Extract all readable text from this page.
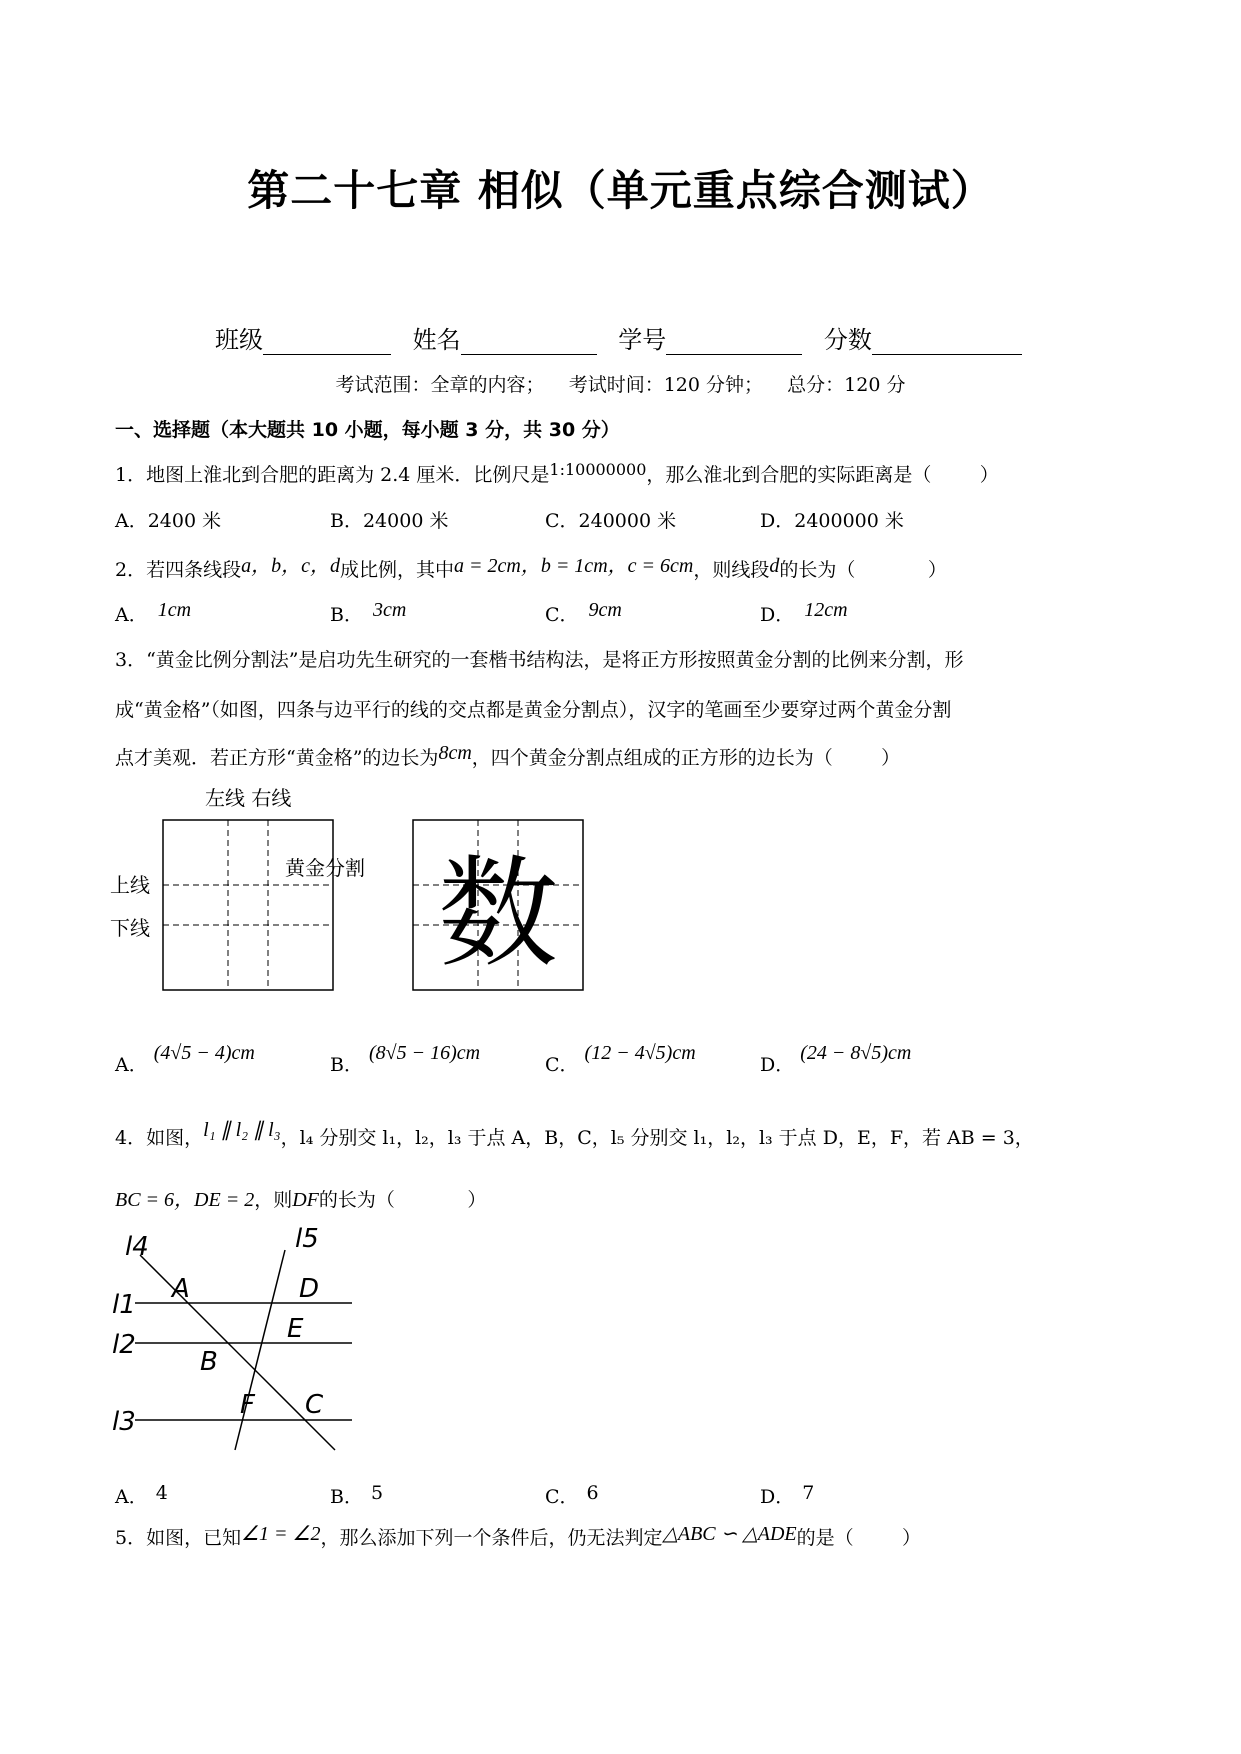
第二十七章 相似（单元重点综合测试）
班级	姓名	学号	分数
考试范围：全章的内容；    考试时间：120 分钟；    总分：120 分
一、选择题（本大题共 10 小题，每小题 3 分，共 30 分）
1．地图上淮北到合肥的距离为 2.4 厘米．比例尺是$^{1:10000000}$，那么淮北到合肥的实际距离是（        ）
A．2400 米	B．24000 米	C．240000 米	D．2400000 米
2．若四条线段a，b，c，d成比例，其中a = 2cm，b = 1cm，c = 6cm，则线段d的长为（            ）
A． 1cm	B． 3cm	C． 9cm	D． 12cm
3．“黄金比例分割法”是启功先生研究的一套楷书结构法，是将正方形按照黄金分割的比例来分割，形
成“黄金格”（如图，四条与边平行的线的交点都是黄金分割点），汉字的笔画至少要穿过两个黄金分割
点才美观．若正方形“黄金格”的边长为8cm，四个黄金分割点组成的正方形的边长为（        ）
左线 右线
上线
下线
黄金分割 数
A．(4√5 − 4)cm
B．(8√5 − 16)cm
C．(12 − 4√5)cm
D．(24 − 8√5)cm
4．如图，l₁ ∥ l₂ ∥ l₃，l₄ 分别交 l₁，l₂，l₃ 于点 A，B，C，l₅ 分别交 l₁，l₂，l₃ 于点 D，E，F，若 AB = 3，
BC = 6，DE = 2，则DF的长为（            ）
l4	l5
l1
l2
l3
A	D
E
B
F C
A． 4	B． 5	C． 6	D． 7
5．如图，已知∠1 = ∠2，那么添加下列一个条件后，仍无法判定△ABC ∽ △ADE的是（        ）
